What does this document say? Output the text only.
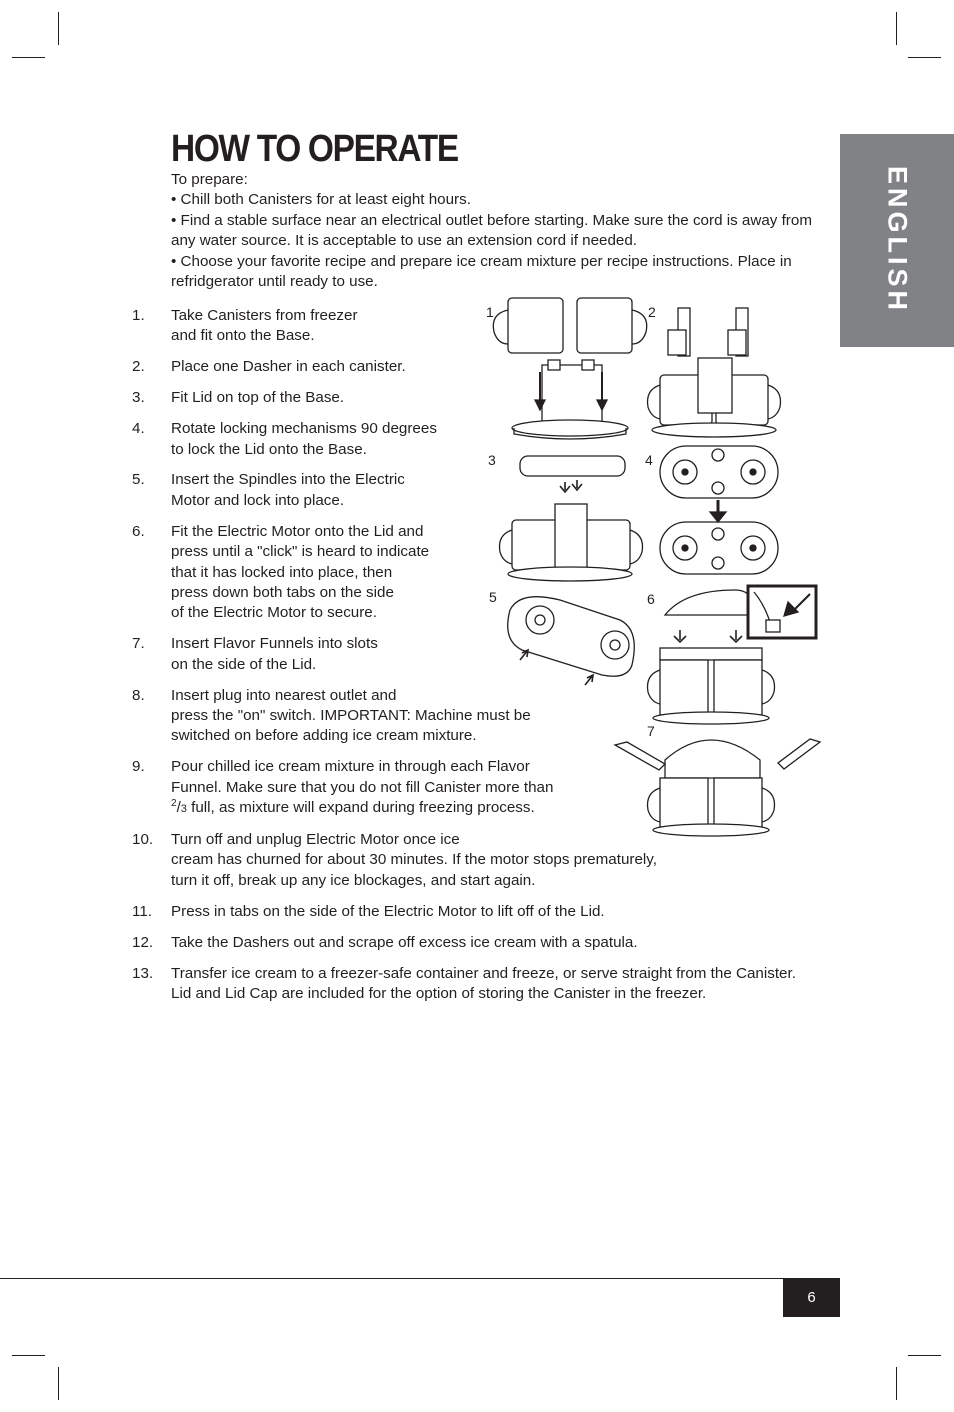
HOW TO OPERATE
ENGLISH

To prepare:

• Chill both Canisters for at least eight hours.

• Find a stable surface near an electrical outlet before starting. Make sure the cord is away from any water source. It is acceptable to use an extension cord if needed.

• Choose your favorite recipe and prepare ice cream mixture per recipe instructions. Place in refridgerator until ready to use.

1.	Take Canisters from freezer
and fit onto the Base.
2.	Place one Dasher in each canister.
3.	Fit Lid on top of the Base.
4.	Rotate locking mechanisms 90 degrees
to lock the Lid onto the Base.
5.	Insert the Spindles into the Electric
Motor and lock into place.
6.	Fit the Electric Motor onto the Lid and
press until a "click" is heard to indicate
that it has locked into place, then
press down both tabs on the side
of the Electric Motor to secure.
7.	Insert Flavor Funnels into slots
on the side of the Lid.
8.	Insert plug into nearest outlet and
press the "on" switch. IMPORTANT: Machine must be
switched on before adding ice cream mixture.
9.	Pour chilled ice cream mixture in through each Flavor
Funnel. Make sure that you do not fill Canister more than
$^2$/3 full, as mixture will expand during freezing process.
10.	Turn off and unplug Electric Motor once ice
cream has churned for about 30 minutes. If the motor stops prematurely,
turn it off, break up any ice blockages, and start again.
11.	Press in tabs on the side of the Electric Motor to lift off of the Lid.
12.	Take the Dashers out and scrape off excess ice cream with a spatula.
13.	Transfer ice cream to a freezer-safe container and freeze, or serve straight from the Canister.
Lid and Lid Cap are included for the option of storing the Canister in the freezer.
1	2
3	4
5	6
7
6
